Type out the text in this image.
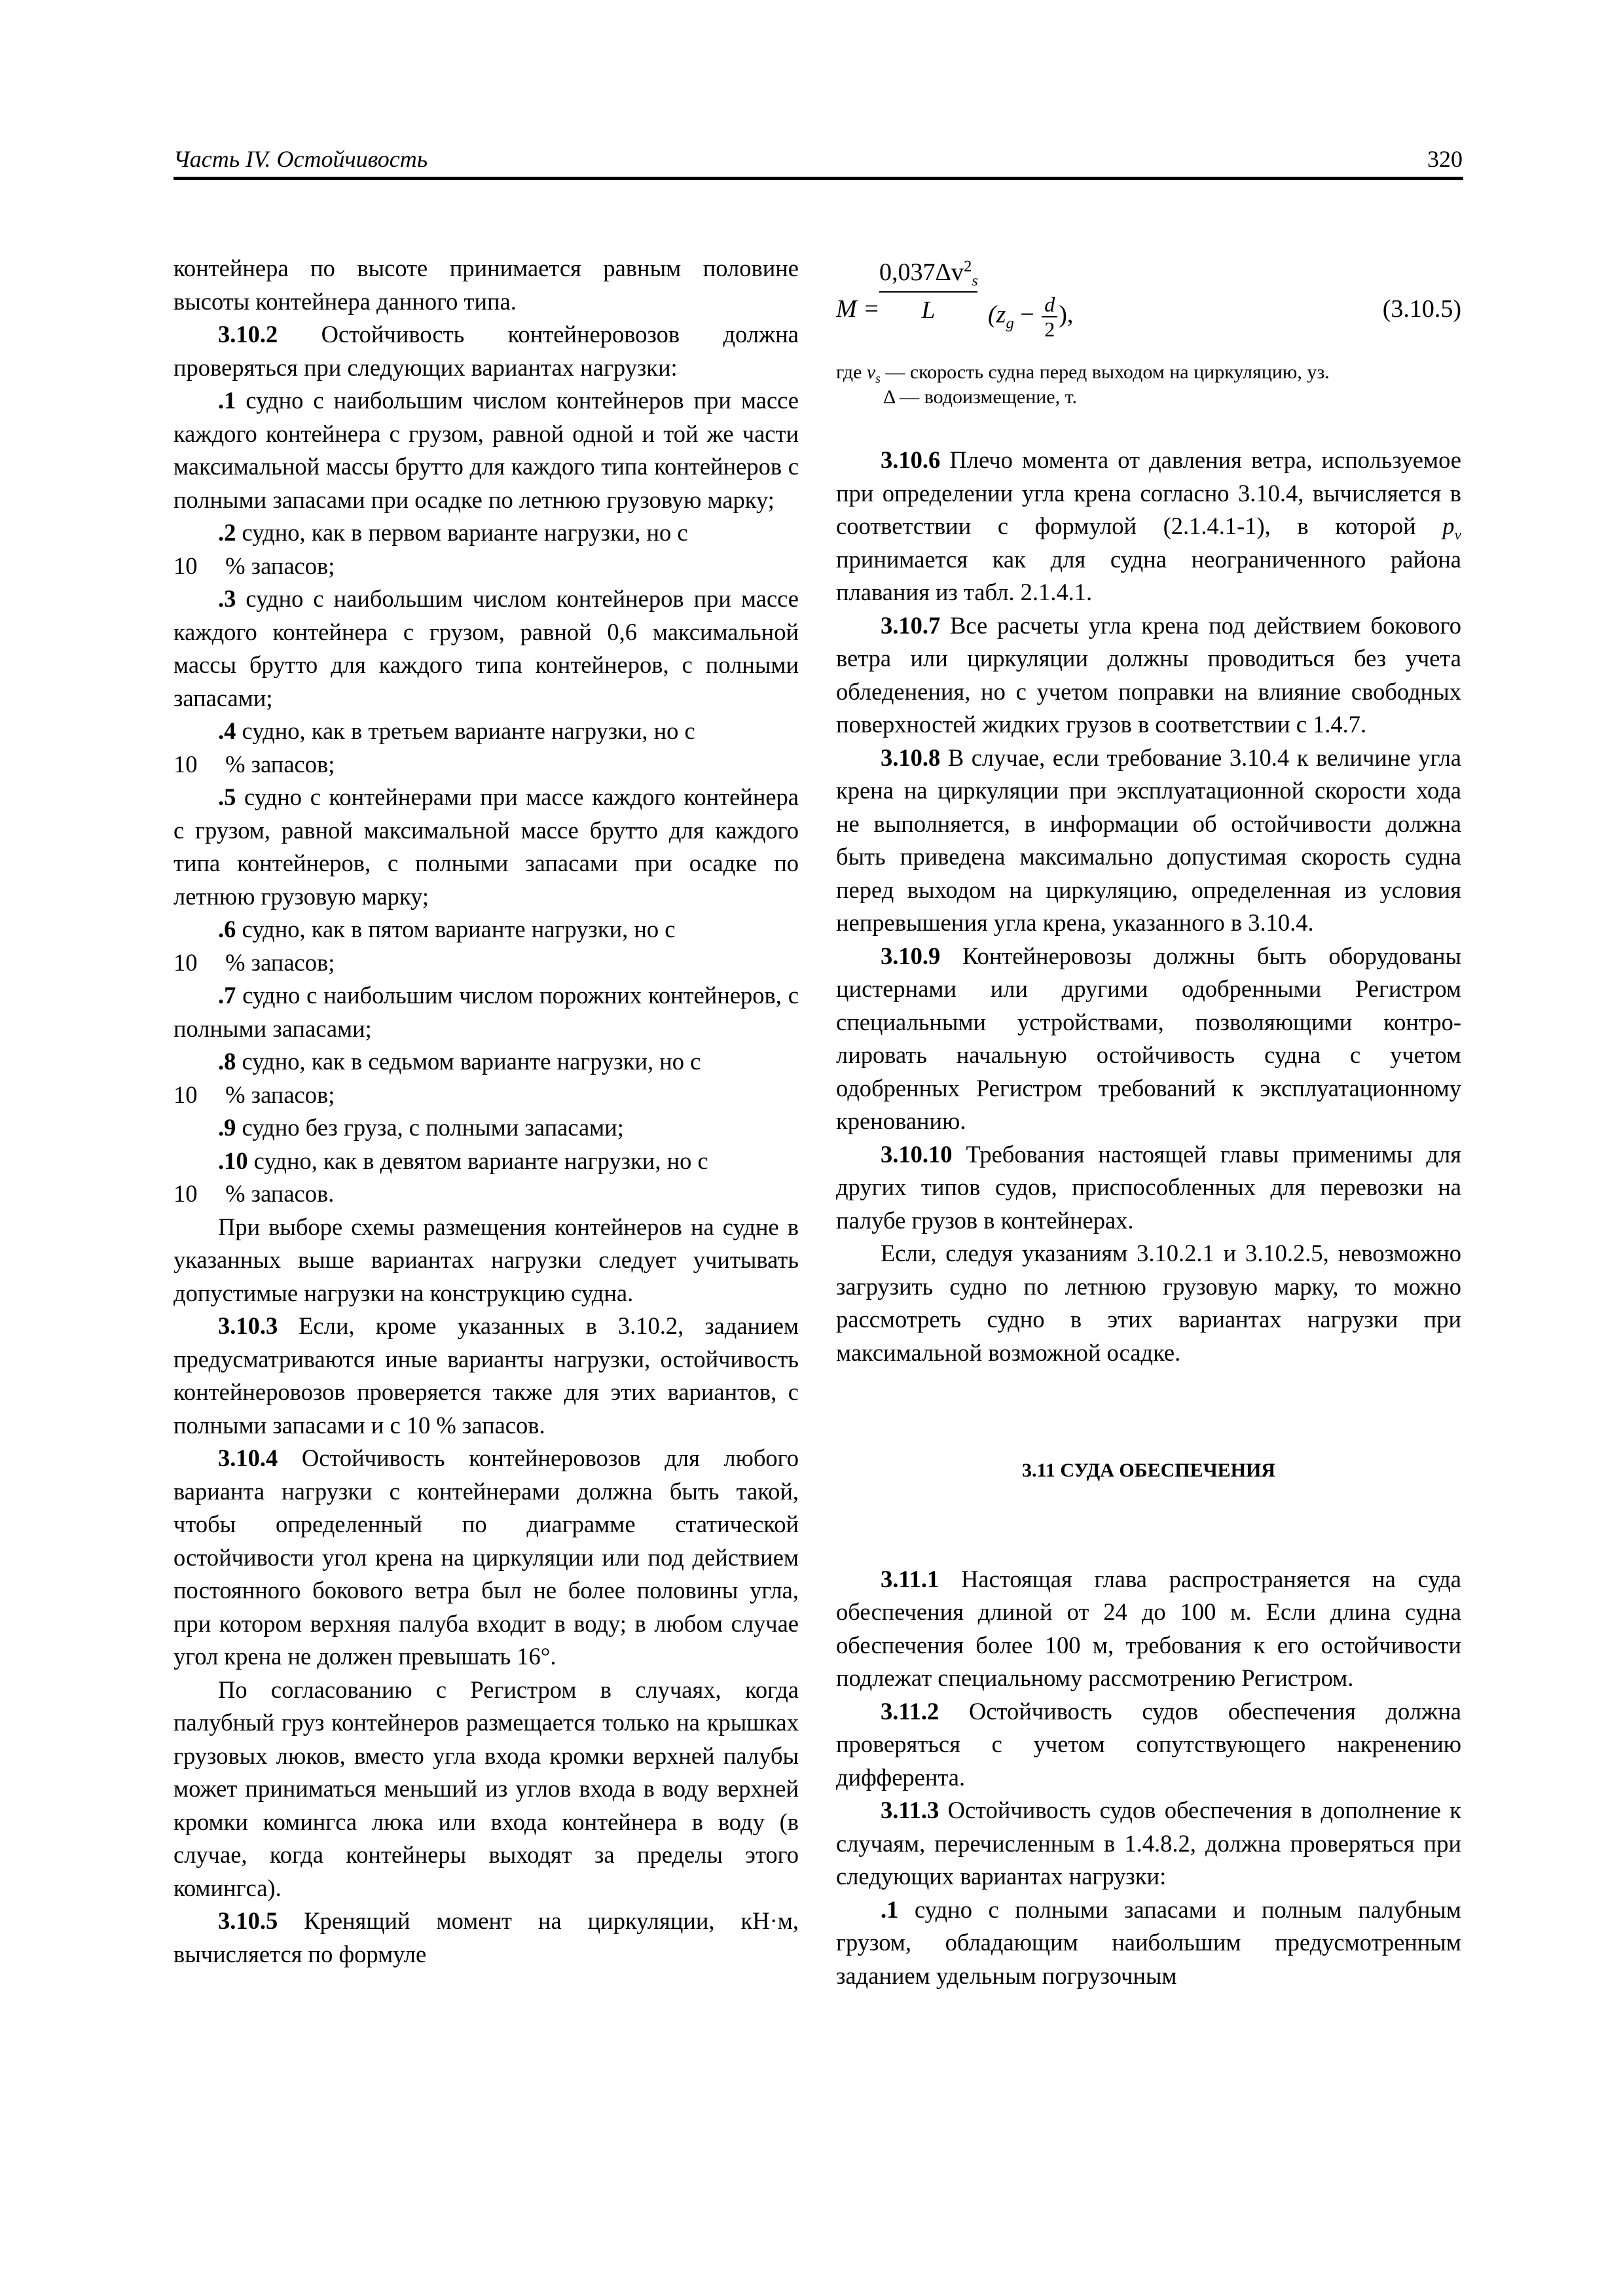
Часть IV. Остойчивость	320

контейнера по высоте принимается равным половине высоты контейнера данного типа.

3.10.2 Остойчивость контейнеровозов должна проверяться при следующих вариантах нагрузки:

.1 судно с наибольшим числом контейнеров при массе каждого контейнера с грузом, равной одной и той же части максимальной массы брутто для каждого типа контейнеров с полными запасами при осадке по летнюю грузовую марку;

.2 судно, как в первом варианте нагрузки, но с
10 % запасов;

.3 судно с наибольшим числом контейнеров при массе каждого контейнера с грузом, равной 0,6 максимальной массы брутто для каждого типа контейнеров, с полными запасами;

.4 судно, как в третьем варианте нагрузки, но с
10 % запасов;

.5 судно с контейнерами при массе каждого контейнера с грузом, равной максимальной массе брутто для каждого типа контейнеров, с полными запасами при осадке по летнюю грузовую марку;

.6 судно, как в пятом варианте нагрузки, но с
10 % запасов;

.7 судно с наибольшим числом порожних контейнеров, с полными запасами;

.8 судно, как в седьмом варианте нагрузки, но с
10 % запасов;

.9 судно без груза, с полными запасами;

.10 судно, как в девятом варианте нагрузки, но с
10 % запасов.

При выборе схемы размещения контейнеров на судне в указанных выше вариантах нагрузки следует учитывать допустимые нагрузки на конструкцию судна.

3.10.3 Если, кроме указанных в 3.10.2, заданием предусматриваются иные варианты нагрузки, остойчивость контейнеровозов проверяется также для этих вариантов, с полными запасами и с 10 % запасов.

3.10.4 Остойчивость контейнеровозов для любого варианта нагрузки с контейнерами должна быть такой, чтобы определенный по диаграмме статической остойчивости угол крена на циркуляции или под действием постоянного бокового ветра был не более половины угла, при котором верхняя палуба входит в воду; в любом случае угол крена не должен превышать 16°.

По согласованию с Регистром в случаях, когда палубный груз контейнеров размещается только на крышках грузовых люков, вместо угла входа кромки верхней палубы может приниматься меньший из углов входа в воду верхней кромки комингса люка или входа контейнера в воду (в случае, когда контейнеры выходят за пределы этого комингса).

3.10.5 Кренящий момент на циркуляции, кН·м, вычисляется по формуле

M =
$0,037\Delta v^2_s$
L	($z_g - \frac{d}{2}$ ),	(3.10.5)

где $v_s$ — скорость судна перед выходом на циркуляцию, уз.

Δ — водоизмещение, т.

3.10.6 Плечо момента от давления ветра, используемое при определении угла крена согласно 3.10.4, вычисляется в соответствии с формулой (2.1.4.1-1), в которой $p_v$ принимается как для судна неограниченного района плавания из табл. 2.1.4.1.

3.10.7 Все расчеты угла крена под действием бокового ветра или циркуляции должны проводиться без учета обледенения, но с учетом поправки на влияние свободных поверхностей жидких грузов в соответствии с 1.4.7.

3.10.8 В случае, если требование 3.10.4 к величине угла крена на циркуляции при эксплуатационной скорости хода не выполняется, в информации об остойчивости должна быть приведена максимально допустимая скорость судна перед выходом на циркуляцию, определенная из условия непревышения угла крена, указанного в 3.10.4.

3.10.9 Контейнеровозы должны быть оборудованы цистернами или другими одобренными Регистром специальными устройствами, позволяющими контролировать начальную остойчивость судна с учетом одобренных Регистром требований к эксплуатационному кренованию.

3.10.10 Требования настоящей главы применимы для других типов судов, приспособленных для перевозки на палубе грузов в контейнерах.

Если, следуя указаниям 3.10.2.1 и 3.10.2.5, невозможно загрузить судно по летнюю грузовую марку, то можно рассмотреть судно в этих вариантах нагрузки при максимальной возможной осадке.

3.11 СУДА ОБЕСПЕЧЕНИЯ

3.11.1 Настоящая глава распространяется на суда обеспечения длиной от 24 до 100 м. Если длина судна обеспечения более 100 м, требования к его остойчивости подлежат специальному рассмотрению Регистром.

3.11.2 Остойчивость судов обеспечения должна проверяться с учетом сопутствующего накренению дифферента.

3.11.3 Остойчивость судов обеспечения в дополнение к случаям, перечисленным в 1.4.8.2, должна проверяться при следующих вариантах нагрузки:

.1 судно с полными запасами и полным палубным грузом, обладающим наибольшим предусмотренным заданием удельным погрузочным
